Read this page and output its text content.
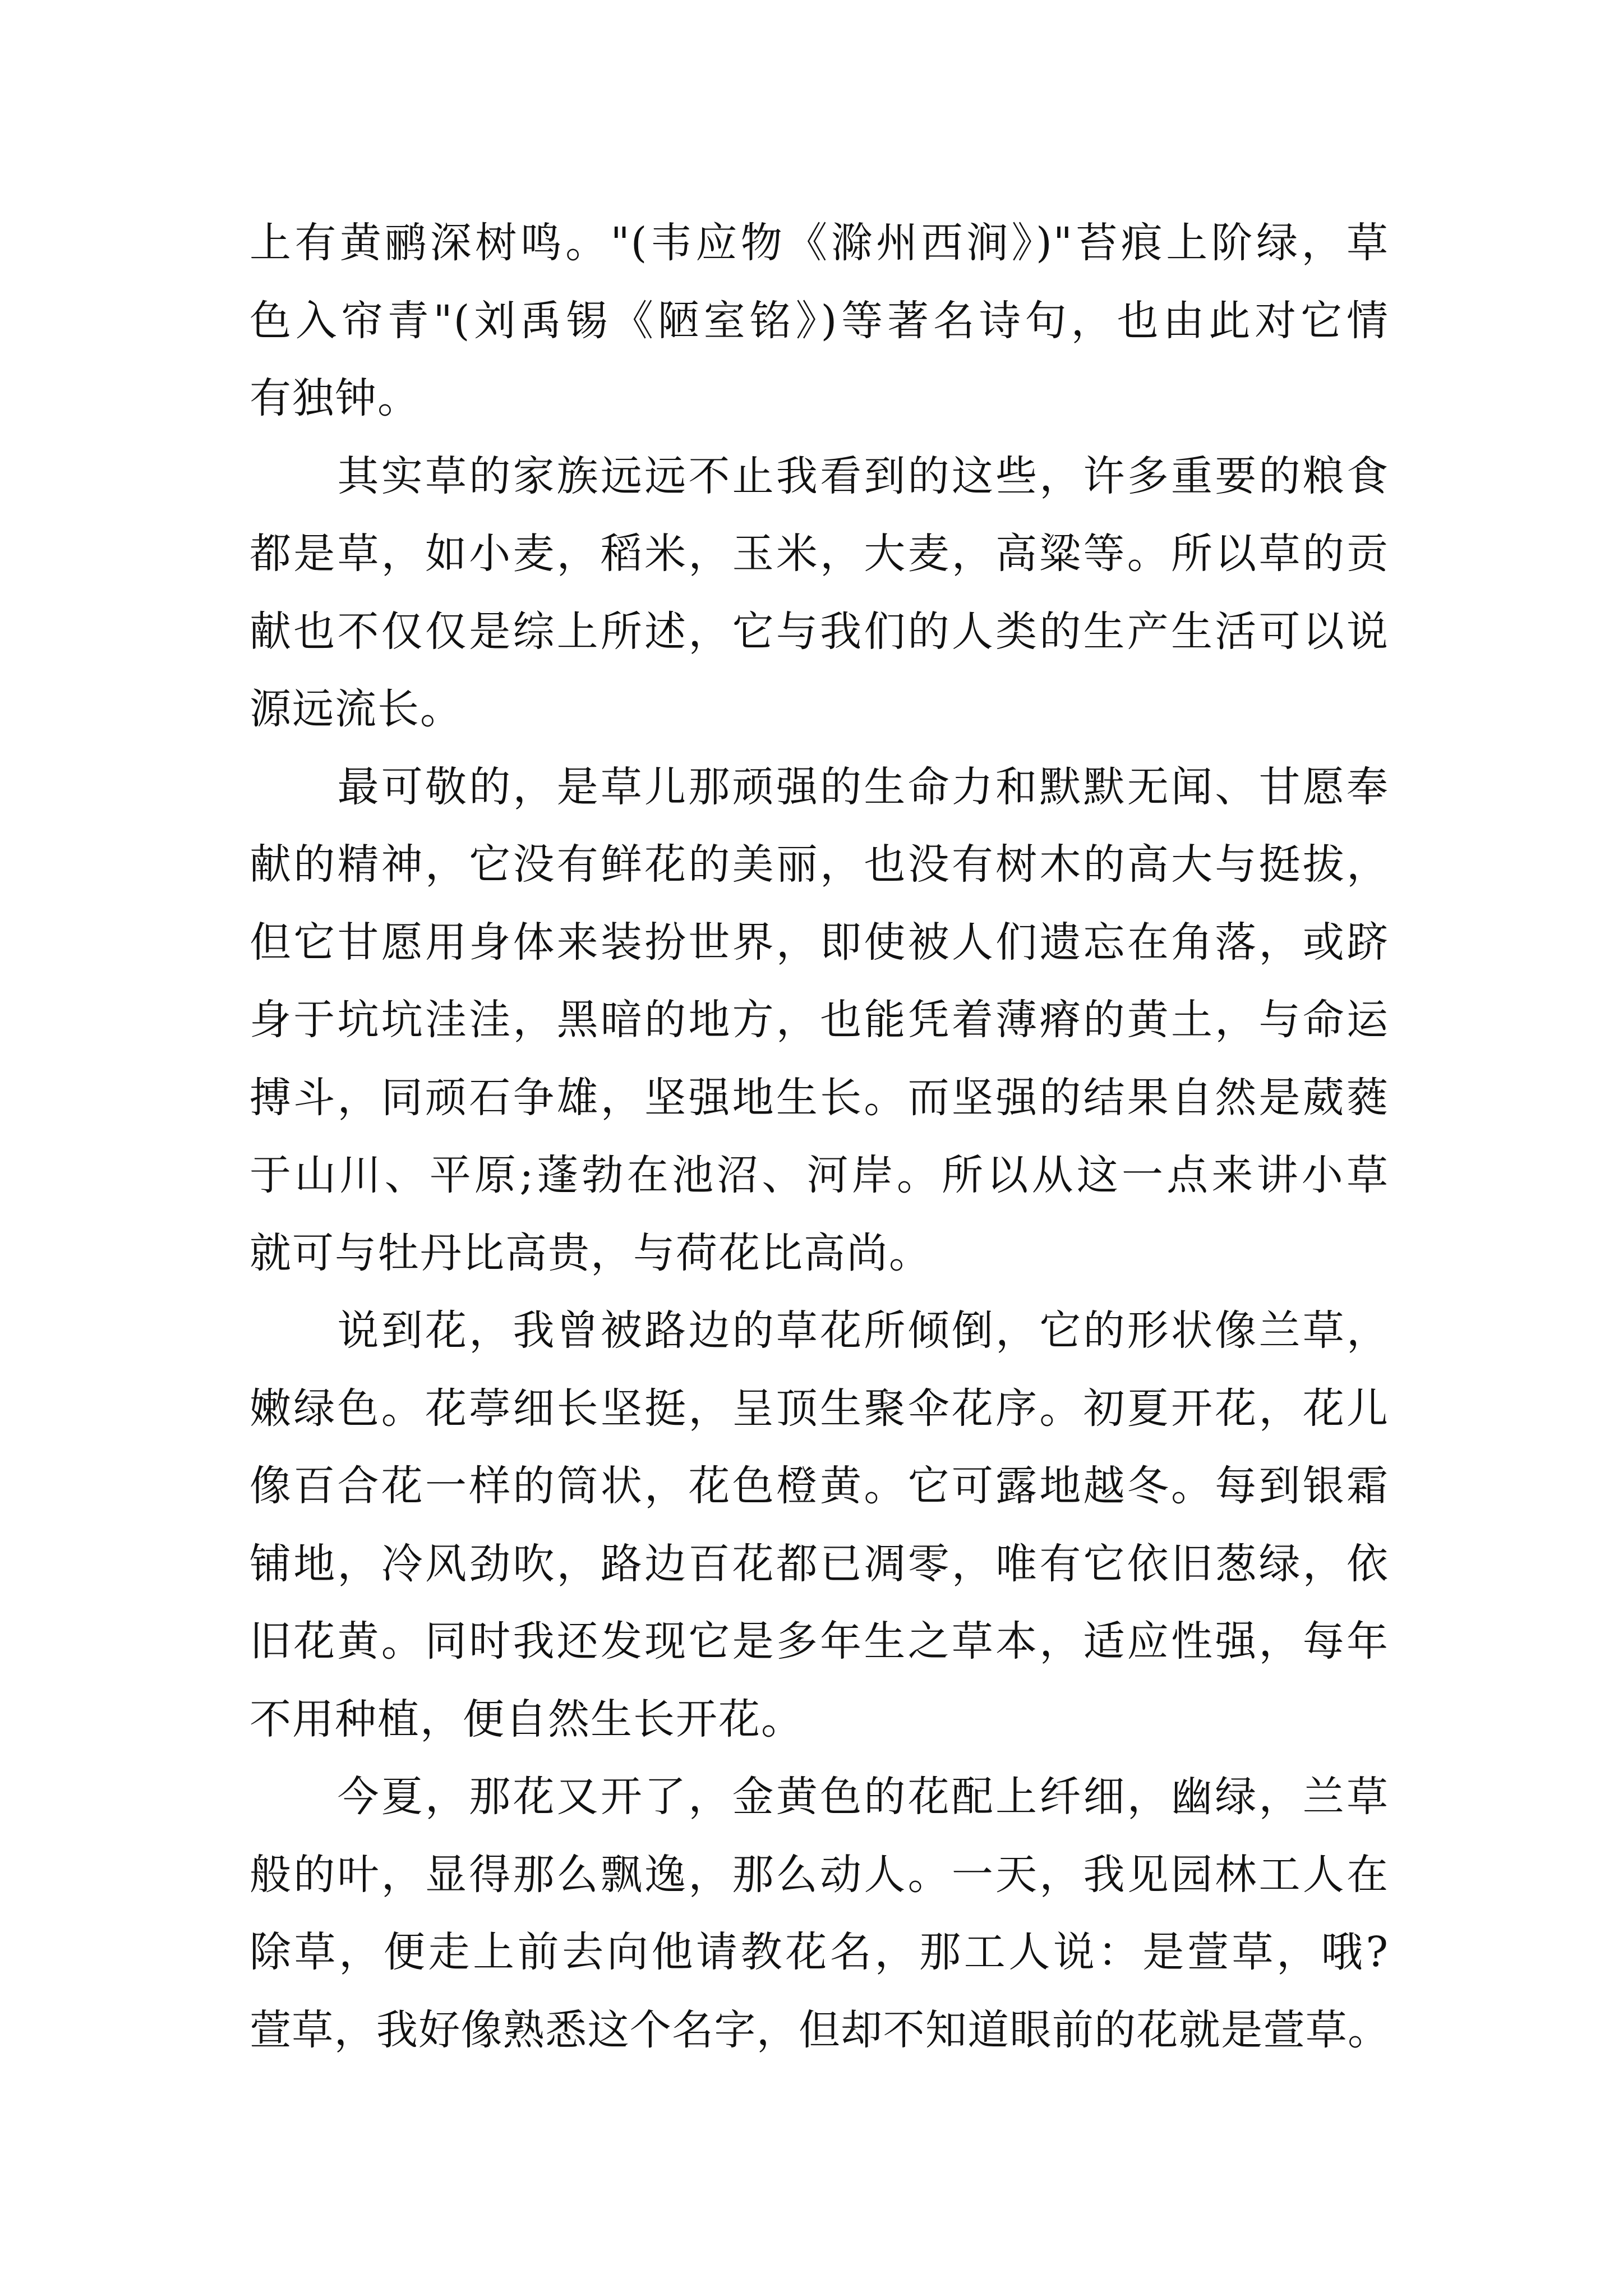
上有黄鹂深树鸣。"(韦应物《滁州西涧》)"苔痕上阶绿，草
色入帘青"(刘禹锡《陋室铭》)等著名诗句，也由此对它情
有独钟。
　　其实草的家族远远不止我看到的这些，许多重要的粮食
都是草，如小麦，稻米，玉米，大麦，高粱等。所以草的贡
献也不仅仅是综上所述，它与我们的人类的生产生活可以说
源远流长。
　　最可敬的，是草儿那顽强的生命力和默默无闻、甘愿奉
献的精神，它没有鲜花的美丽，也没有树木的高大与挺拔，
但它甘愿用身体来装扮世界，即使被人们遗忘在角落，或跻
身于坑坑洼洼，黑暗的地方，也能凭着薄瘠的黄土，与命运
搏斗，同顽石争雄，坚强地生长。而坚强的结果自然是葳蕤
于山川、平原;蓬勃在池沼、河岸。所以从这一点来讲小草
就可与牡丹比高贵，与荷花比高尚。
　　说到花，我曾被路边的草花所倾倒，它的形状像兰草，
嫩绿色。花葶细长坚挺，呈顶生聚伞花序。初夏开花，花儿
像百合花一样的筒状，花色橙黄。它可露地越冬。每到银霜
铺地，冷风劲吹，路边百花都已凋零，唯有它依旧葱绿，依
旧花黄。同时我还发现它是多年生之草本，适应性强，每年
不用种植，便自然生长开花。
　　今夏，那花又开了，金黄色的花配上纤细，幽绿，兰草
般的叶，显得那么飘逸，那么动人。一天，我见园林工人在
除草，便走上前去向他请教花名，那工人说：是萱草，哦?
萱草，我好像熟悉这个名字，但却不知道眼前的花就是萱草。
